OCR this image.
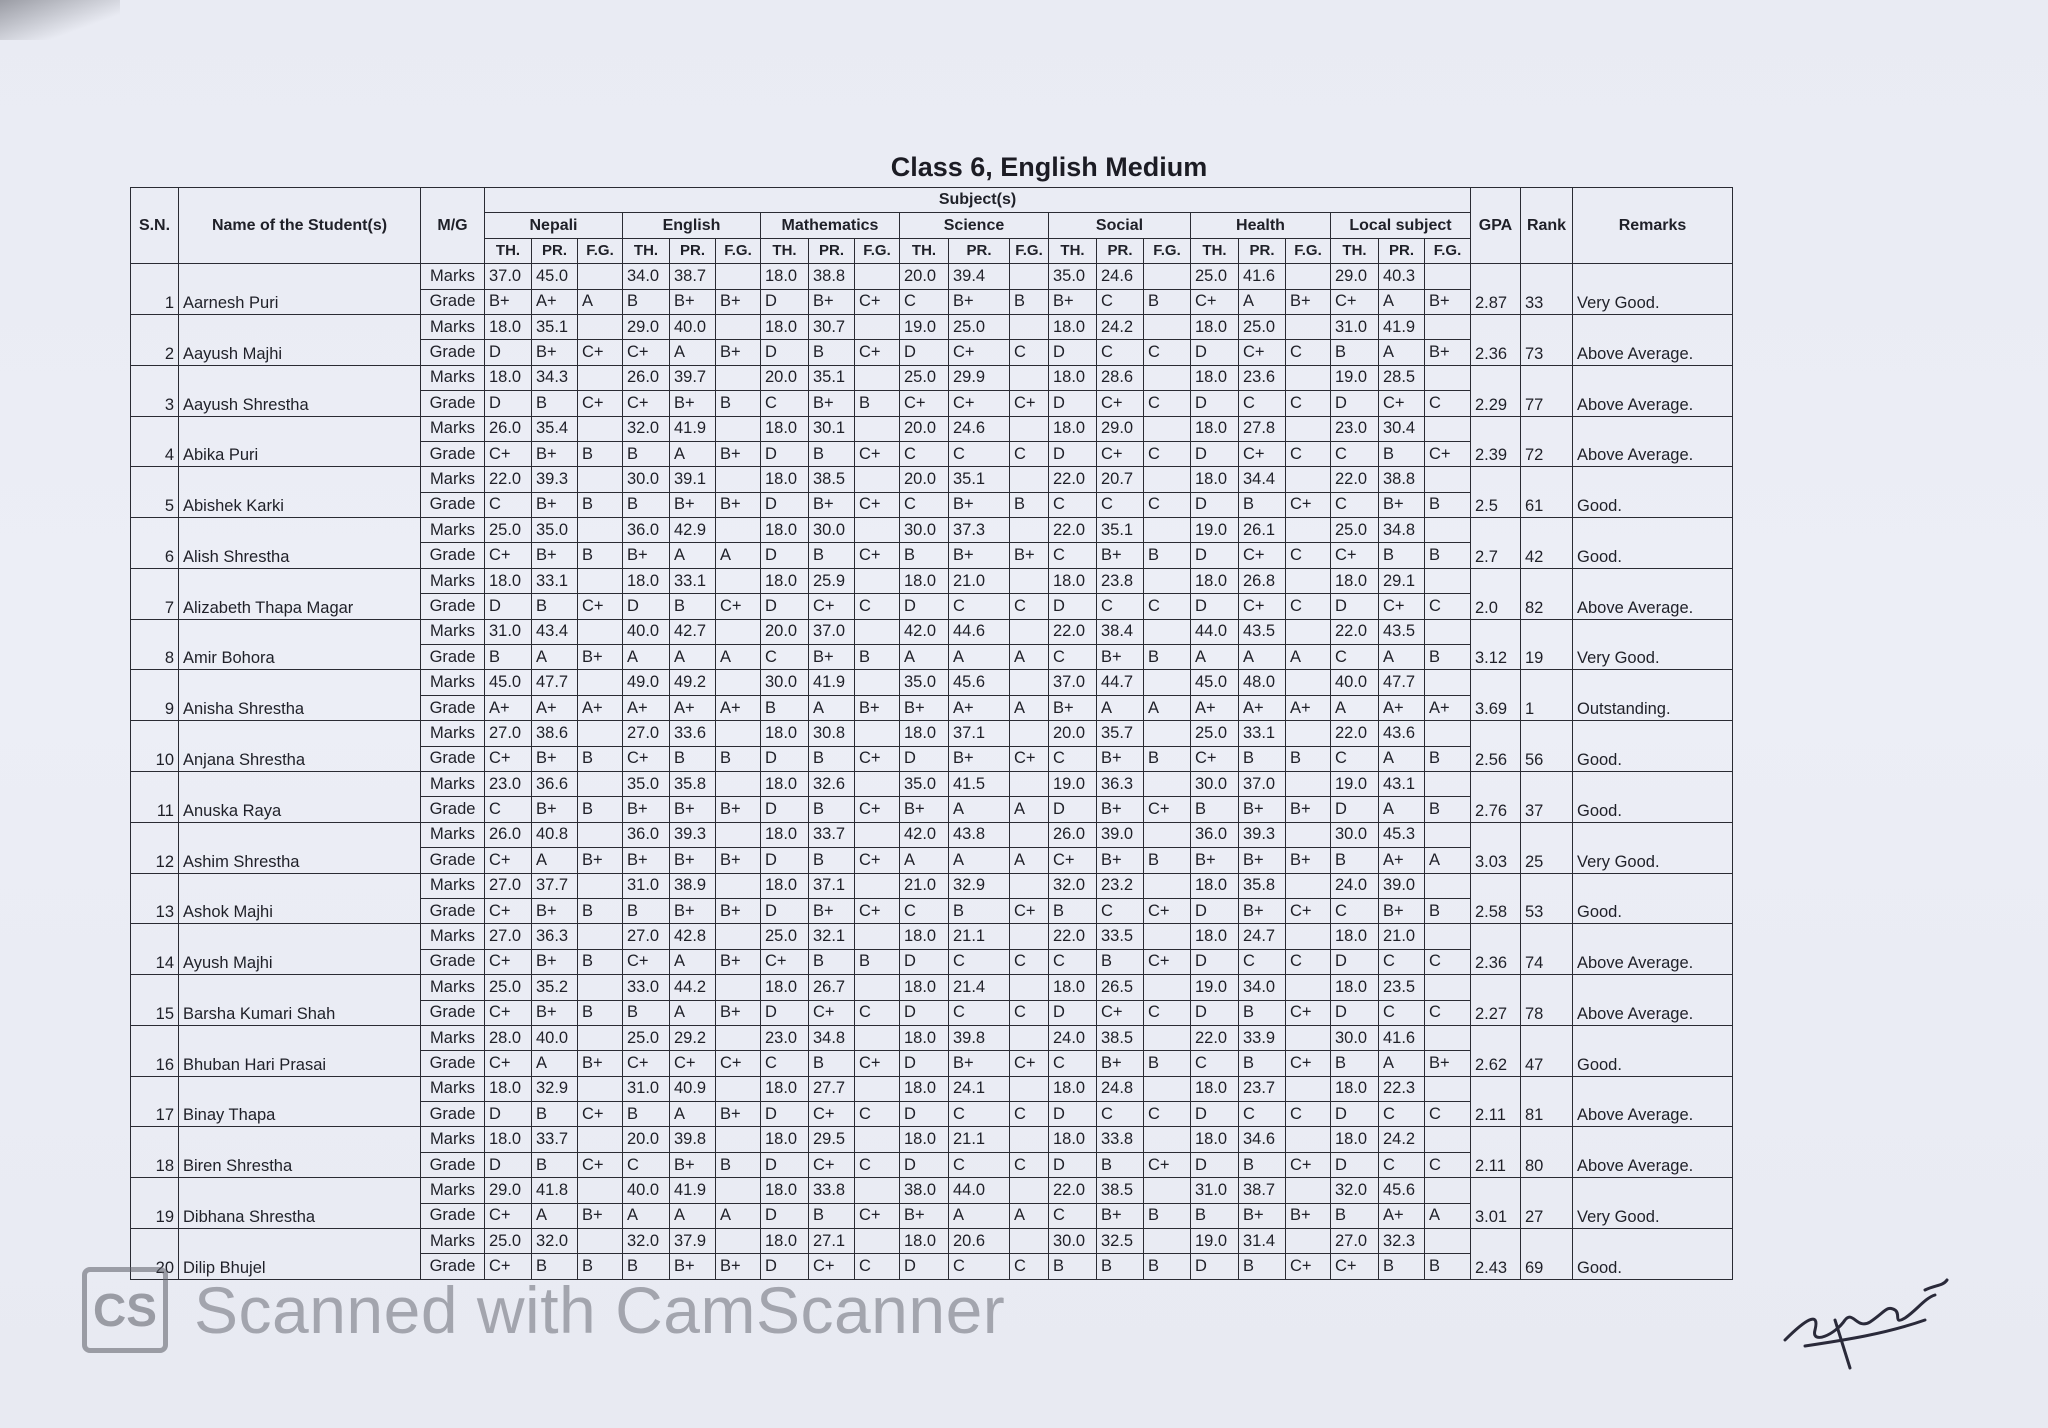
Class 6, English Medium
S.N.	Name of the Student(s)	M/G	Subject(s)																					GPA	Rank	Remarks
			Nepali			English			Mathematics			Science			Social			Health			Local subject					
			TH.	PR.	F.G.	TH.	PR.	F.G.	TH.	PR.	F.G.	TH.	PR.	F.G.	TH.	PR.	F.G.	TH.	PR.	F.G.	TH.	PR.	F.G.			
1	Aarnesh Puri	Marks	37.0	45.0		34.0	38.7		18.0	38.8		20.0	39.4		35.0	24.6		25.0	41.6		29.0	40.3		2.87	33	Very Good.
		Grade	B+	A+	A	B	B+	B+	D	B+	C+	C	B+	B	B+	C	B	C+	A	B+	C+	A	B+			
2	Aayush Majhi	Marks	18.0	35.1		29.0	40.0		18.0	30.7		19.0	25.0		18.0	24.2		18.0	25.0		31.0	41.9		2.36	73	Above Average.
		Grade	D	B+	C+	C+	A	B+	D	B	C+	D	C+	C	D	C	C	D	C+	C	B	A	B+			
3	Aayush Shrestha	Marks	18.0	34.3		26.0	39.7		20.0	35.1		25.0	29.9		18.0	28.6		18.0	23.6		19.0	28.5		2.29	77	Above Average.
		Grade	D	B	C+	C+	B+	B	C	B+	B	C+	C+	C+	D	C+	C	D	C	C	D	C+	C			
4	Abika Puri	Marks	26.0	35.4		32.0	41.9		18.0	30.1		20.0	24.6		18.0	29.0		18.0	27.8		23.0	30.4		2.39	72	Above Average.
		Grade	C+	B+	B	B	A	B+	D	B	C+	C	C	C	D	C+	C	D	C+	C	C	B	C+			
5	Abishek Karki	Marks	22.0	39.3		30.0	39.1		18.0	38.5		20.0	35.1		22.0	20.7		18.0	34.4		22.0	38.8		2.5	61	Good.
		Grade	C	B+	B	B	B+	B+	D	B+	C+	C	B+	B	C	C	C	D	B	C+	C	B+	B			
6	Alish Shrestha	Marks	25.0	35.0		36.0	42.9		18.0	30.0		30.0	37.3		22.0	35.1		19.0	26.1		25.0	34.8		2.7	42	Good.
		Grade	C+	B+	B	B+	A	A	D	B	C+	B	B+	B+	C	B+	B	D	C+	C	C+	B	B			
7	Alizabeth Thapa Magar	Marks	18.0	33.1		18.0	33.1		18.0	25.9		18.0	21.0		18.0	23.8		18.0	26.8		18.0	29.1		2.0	82	Above Average.
		Grade	D	B	C+	D	B	C+	D	C+	C	D	C	C	D	C	C	D	C+	C	D	C+	C			
8	Amir Bohora	Marks	31.0	43.4		40.0	42.7		20.0	37.0		42.0	44.6		22.0	38.4		44.0	43.5		22.0	43.5		3.12	19	Very Good.
		Grade	B	A	B+	A	A	A	C	B+	B	A	A	A	C	B+	B	A	A	A	C	A	B			
9	Anisha Shrestha	Marks	45.0	47.7		49.0	49.2		30.0	41.9		35.0	45.6		37.0	44.7		45.0	48.0		40.0	47.7		3.69	1	Outstanding.
		Grade	A+	A+	A+	A+	A+	A+	B	A	B+	B+	A+	A	B+	A	A	A+	A+	A+	A	A+	A+			
10	Anjana Shrestha	Marks	27.0	38.6		27.0	33.6		18.0	30.8		18.0	37.1		20.0	35.7		25.0	33.1		22.0	43.6		2.56	56	Good.
		Grade	C+	B+	B	C+	B	B	D	B	C+	D	B+	C+	C	B+	B	C+	B	B	C	A	B			
11	Anuska Raya	Marks	23.0	36.6		35.0	35.8		18.0	32.6		35.0	41.5		19.0	36.3		30.0	37.0		19.0	43.1		2.76	37	Good.
		Grade	C	B+	B	B+	B+	B+	D	B	C+	B+	A	A	D	B+	C+	B	B+	B+	D	A	B			
12	Ashim Shrestha	Marks	26.0	40.8		36.0	39.3		18.0	33.7		42.0	43.8		26.0	39.0		36.0	39.3		30.0	45.3		3.03	25	Very Good.
		Grade	C+	A	B+	B+	B+	B+	D	B	C+	A	A	A	C+	B+	B	B+	B+	B+	B	A+	A			
13	Ashok Majhi	Marks	27.0	37.7		31.0	38.9		18.0	37.1		21.0	32.9		32.0	23.2		18.0	35.8		24.0	39.0		2.58	53	Good.
		Grade	C+	B+	B	B	B+	B+	D	B+	C+	C	B	C+	B	C	C+	D	B+	C+	C	B+	B			
14	Ayush Majhi	Marks	27.0	36.3		27.0	42.8		25.0	32.1		18.0	21.1		22.0	33.5		18.0	24.7		18.0	21.0		2.36	74	Above Average.
		Grade	C+	B+	B	C+	A	B+	C+	B	B	D	C	C	C	B	C+	D	C	C	D	C	C			
15	Barsha Kumari Shah	Marks	25.0	35.2		33.0	44.2		18.0	26.7		18.0	21.4		18.0	26.5		19.0	34.0		18.0	23.5		2.27	78	Above Average.
		Grade	C+	B+	B	B	A	B+	D	C+	C	D	C	C	D	C+	C	D	B	C+	D	C	C			
16	Bhuban Hari Prasai	Marks	28.0	40.0		25.0	29.2		23.0	34.8		18.0	39.8		24.0	38.5		22.0	33.9		30.0	41.6		2.62	47	Good.
		Grade	C+	A	B+	C+	C+	C+	C	B	C+	D	B+	C+	C	B+	B	C	B	C+	B	A	B+			
17	Binay Thapa	Marks	18.0	32.9		31.0	40.9		18.0	27.7		18.0	24.1		18.0	24.8		18.0	23.7		18.0	22.3		2.11	81	Above Average.
		Grade	D	B	C+	B	A	B+	D	C+	C	D	C	C	D	C	C	D	C	C	D	C	C			
18	Biren Shrestha	Marks	18.0	33.7		20.0	39.8		18.0	29.5		18.0	21.1		18.0	33.8		18.0	34.6		18.0	24.2		2.11	80	Above Average.
		Grade	D	B	C+	C	B+	B	D	C+	C	D	C	C	D	B	C+	D	B	C+	D	C	C			
19	Dibhana Shrestha	Marks	29.0	41.8		40.0	41.9		18.0	33.8		38.0	44.0		22.0	38.5		31.0	38.7		32.0	45.6		3.01	27	Very Good.
		Grade	C+	A	B+	A	A	A	D	B	C+	B+	A	A	C	B+	B	B	B+	B+	B	A+	A			
20	Dilip Bhujel	Marks	25.0	32.0		32.0	37.9		18.0	27.1		18.0	20.6		30.0	32.5		19.0	31.4		27.0	32.3		2.43	69	Good.
		Grade	C+	B	B	B	B+	B+	D	C+	C	D	C	C	B	B	B	D	B	C+	C+	B	B			
CS Scanned with CamScanner
